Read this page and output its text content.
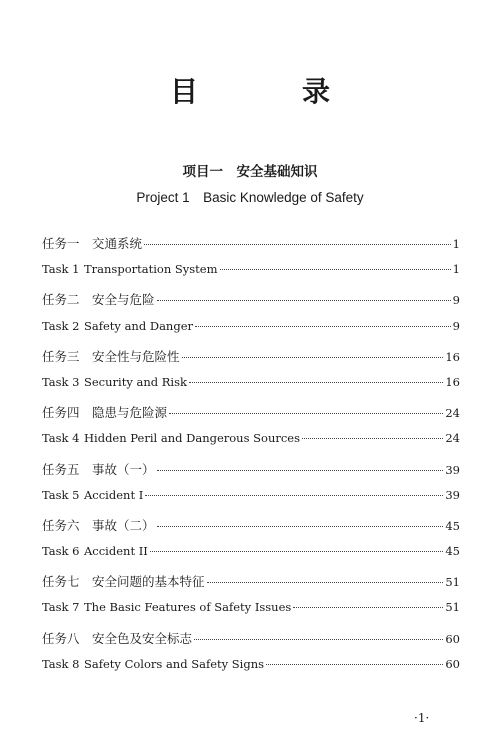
目　录
项目一　安全基础知识
Project 1　Basic Knowledge of Safety
任务一 交通系统	1
Task 1 Transportation System	1
任务二 安全与危险	9
Task 2 Safety and Danger	9
任务三 安全性与危险性	16
Task 3 Security and Risk	16
任务四 隐患与危险源	24
Task 4 Hidden Peril and Dangerous Sources	24
任务五 事故（一）	39
Task 5 Accident I	39
任务六 事故（二）	45
Task 6 Accident II	45
任务七 安全问题的基本特征	51
Task 7 The Basic Features of Safety Issues	51
任务八 安全色及安全标志	60
Task 8 Safety Colors and Safety Signs	60
·1·
